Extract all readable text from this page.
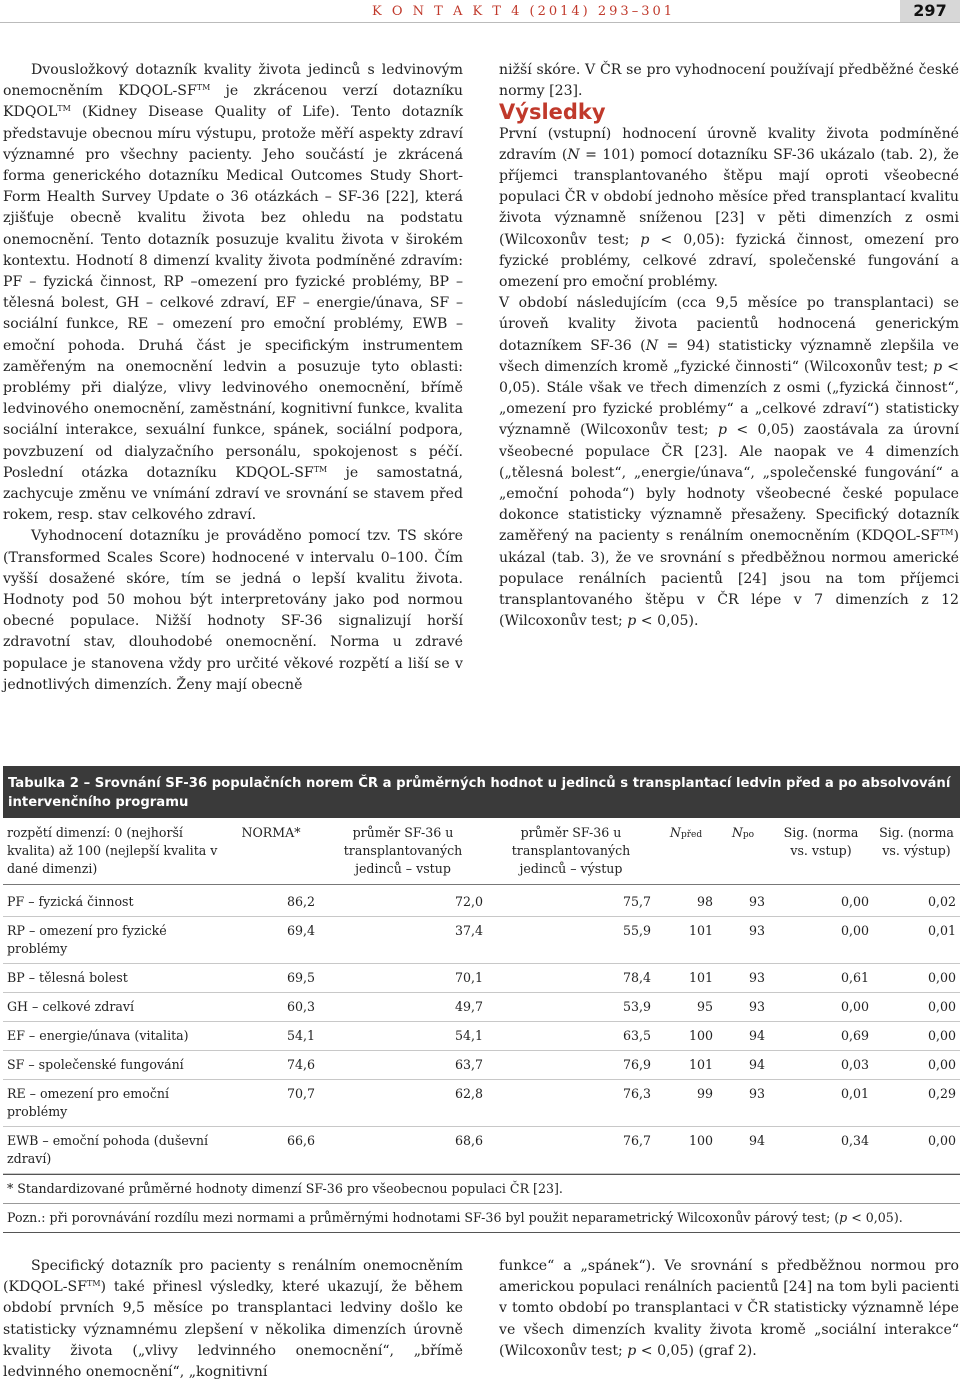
K O N T A K T 4 (2014) 293–301	297

Dvousložkový dotazník kvality života jedinců s ledvinovým onemocněním KDQOL-SF™ je zkrácenou verzí dotazníku KDQOL™ (Kidney Disease Quality of Life). Tento dotazník představuje obecnou míru výstupu, protože měří aspekty zdraví významné pro všechny pacienty. Jeho součástí je zkrácená forma generického dotazníku Medical Outcomes Study Short-Form Health Survey Update o 36 otázkách – SF-36 [22], která zjišťuje obecně kvalitu života bez ohledu na podstatu onemocnění. Tento dotazník posuzuje kvalitu života v širokém kontextu. Hodnotí 8 dimenzí kvality života podmíněné zdravím: PF – fyzická činnost, RP –omezení pro fyzické problémy, BP – tělesná bolest, GH – celkové zdraví, EF – energie/únava, SF – sociální funkce, RE – omezení pro emoční problémy, EWB – emoční pohoda. Druhá část je specifickým instrumentem zaměřeným na onemocnění ledvin a posuzuje tyto oblasti: problémy při dialýze, vlivy ledvinového onemocnění, břímě ledvinového onemocnění, zaměstnání, kognitivní funkce, kvalita sociální interakce, sexuální funkce, spánek, sociální podpora, povzbuzení od dialyzačního personálu, spokojenost s péčí. Poslední otázka dotazníku KDQOL-SF™ je samostatná, zachycuje změnu ve vnímání zdraví ve srovnání se stavem před rokem, resp. stav celkového zdraví.

Vyhodnocení dotazníku je prováděno pomocí tzv. TS skóre (Transformed Scales Score) hodnocené v intervalu 0–100. Čím vyšší dosažené skóre, tím se jedná o lepší kvalitu života. Hodnoty pod 50 mohou být interpretovány jako pod normou obecné populace. Nižší hodnoty SF-36 signalizují horší zdravotní stav, dlouhodobé onemocnění. Norma u zdravé populace je stanovena vždy pro určité věkové rozpětí a liší se v jednotlivých dimenzích. Ženy mají obecně

nižší skóre. V ČR se pro vyhodnocení používají předběžné české normy [23].

Výsledky

První (vstupní) hodnocení úrovně kvality života podmíněné zdravím (N = 101) pomocí dotazníku SF-36 ukázalo (tab. 2), že příjemci transplantovaného štěpu mají oproti všeobecné populaci ČR v období jednoho měsíce před transplantací kvalitu života významně sníženou [23] v pěti dimenzích z osmi (Wilcoxonův test; p < 0,05): fyzická činnost, omezení pro fyzické problémy, celkové zdraví, společenské fungování a omezení pro emoční problémy.

V období následujícím (cca 9,5 měsíce po transplantaci) se úroveň kvality života pacientů hodnocená generickým dotazníkem SF-36 (N = 94) statisticky významně zlepšila ve všech dimenzích kromě „fyzické činnosti“ (Wilcoxonův test; p < 0,05). Stále však ve třech dimenzích z osmi („fyzická činnost“, „omezení pro fyzické problémy“ a „celkové zdraví“) statisticky významně (Wilcoxonův test; p < 0,05) zaostávala za úrovní všeobecné populace ČR [23]. Ale naopak ve 4 dimenzích („tělesná bolest“, „energie/únava“, „společenské fungování“ a „emoční pohoda“) byly hodnoty všeobecné české populace dokonce statisticky významně přesaženy. Specifický dotazník zaměřený na pacienty s renálním onemocněním (KDQOL-SF™) ukázal (tab. 3), že ve srovnání s předběžnou normou americké populace renálních pacientů [24] jsou na tom příjemci transplantovaného štěpu v ČR lépe v 7 dimenzích z 12 (Wilcoxonův test; p < 0,05).

Tabulka 2 – Srovnání SF-36 populačních norem ČR a průměrných hodnot u jedinců s transplantací ledvin před a po absolvování intervenčního programu
rozpětí dimenzí: 0 (nejhorší kvalita) až 100 (nejlepší kvalita v dané dimenzi)	NORMA*	průměr SF-36 u transplantovaných jedinců – vstup	průměr SF-36 u transplantovaných jedinců – výstup	Npřed	Npo	Sig. (norma vs. vstup)	Sig. (norma vs. výstup)
PF – fyzická činnost	86,2	72,0	75,7	98	93	0,00	0,02
RP – omezení pro fyzické problémy	69,4	37,4	55,9	101	93	0,00	0,01
BP – tělesná bolest	69,5	70,1	78,4	101	93	0,61	0,00
GH – celkové zdraví	60,3	49,7	53,9	95	93	0,00	0,00
EF – energie/únava (vitalita)	54,1	54,1	63,5	100	94	0,69	0,00
SF – společenské fungování	74,6	63,7	76,9	101	94	0,03	0,00
RE – omezení pro emoční problémy	70,7	62,8	76,3	99	93	0,01	0,29
EWB – emoční pohoda (duševní zdraví)	66,6	68,6	76,7	100	94	0,34	0,00
* Standardizované průměrné hodnoty dimenzí SF-36 pro všeobecnou populaci ČR [23].
Pozn.: při porovnávání rozdílu mezi normami a průměrnými hodnotami SF-36 byl použit neparametrický Wilcoxonův párový test; (p < 0,05).

Specifický dotazník pro pacienty s renálním onemocněním (KDQOL-SF™) také přinesl výsledky, které ukazují, že během období prvních 9,5 měsíce po transplantaci ledviny došlo ke statisticky významnému zlepšení v několika dimenzích úrovně kvality života („vlivy ledvinného onemocnění“, „břímě ledvinného onemocnění“, „kognitivní

funkce“ a „spánek“). Ve srovnání s předběžnou normou pro americkou populaci renálních pacientů [24] na tom byli pacienti v tomto období po transplantaci v ČR statisticky významně lépe ve všech dimenzích kvality života kromě „sociální interakce“ (Wilcoxonův test; p < 0,05) (graf 2).
